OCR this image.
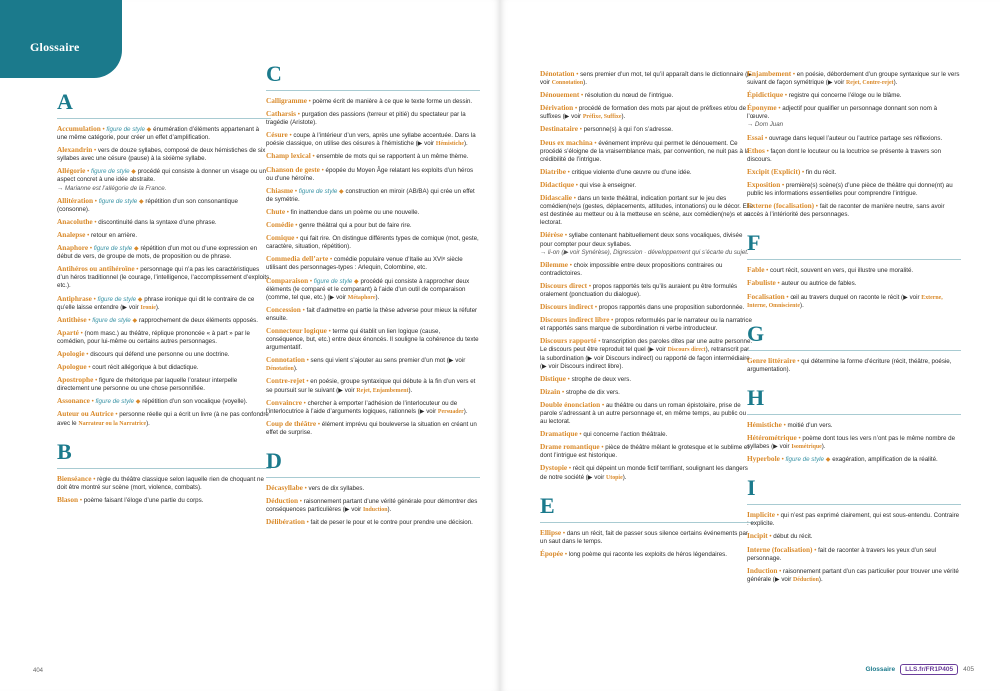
Glossaire
A
Accumulation • figure de style ◆ énumération d’éléments appartenant à une même catégorie, pour créer un effet d’amplification.
Alexandrin • vers de douze syllabes, composé de deux hémistiches de six syllabes avec une césure (pause) à la sixième syllabe.
Allégorie • figure de style ◆ procédé qui consiste à donner un visage ou un aspect concret à une idée abstraite.
→ Marianne est l’allégorie de la France.
Allitération • figure de style ◆ répétition d’un son consonantique (consonne).
Anacoluthe • discontinuité dans la syntaxe d’une phrase.
Analepse • retour en arrière.
Anaphore • figure de style ◆ répétition d’un mot ou d’une expression en début de vers, de groupe de mots, de proposition ou de phrase.
Antihéros ou antihéroïne • personnage qui n’a pas les caractéristiques d’un héros traditionnel (le courage, l’intelligence, l’accomplissement d’exploits, etc.).
Antiphrase • figure de style ◆ phrase ironique qui dit le contraire de ce qu’elle laisse entendre (▶ voir Ironie).
Antithèse • figure de style ◆ rapprochement de deux éléments opposés.
Aparté • (nom masc.) au théâtre, réplique prononcée « à part » par le comédien, pour lui-même ou certains autres personnages.
Apologie • discours qui défend une personne ou une doctrine.
Apologue • court récit allégorique à but didactique.
Apostrophe • figure de rhétorique par laquelle l’orateur interpelle directement une personne ou une chose personnifiée.
Assonance • figure de style ◆ répétition d’un son vocalique (voyelle).
Auteur ou Autrice • personne réelle qui a écrit un livre (à ne pas confondre avec le Narrateur ou la Narratrice).
B
Bienséance • règle du théâtre classique selon laquelle rien de choquant ne doit être montré sur scène (mort, violence, combats).
Blason • poème faisant l’éloge d’une partie du corps.
C
Calligramme • poème écrit de manière à ce que le texte forme un dessin.
Catharsis • purgation des passions (terreur et pitié) du spectateur par la tragédie (Aristote).
Césure • coupe à l’intérieur d’un vers, après une syllabe accentuée. Dans la poésie classique, on utilise des césures à l’hémistiche (▶ voir Hémistiche).
Champ lexical • ensemble de mots qui se rapportent à un même thème.
Chanson de geste • épopée du Moyen Âge relatant les exploits d’un héros ou d’une héroïne.
Chiasme • figure de style ◆ construction en miroir (AB/BA) qui crée un effet de symétrie.
Chute • fin inattendue dans un poème ou une nouvelle.
Comédie • genre théâtral qui a pour but de faire rire.
Comique • qui fait rire. On distingue différents types de comique (mot, geste, caractère, situation, répétition).
Commedia dell’arte • comédie populaire venue d’Italie au XVIᵉ siècle utilisant des personnages-types : Arlequin, Colombine, etc.
Comparaison • figure de style ◆ procédé qui consiste à rapprocher deux éléments (le comparé et le comparant) à l’aide d’un outil de comparaison (comme, tel que, etc.) (▶ voir Métaphore).
Concession • fait d’admettre en partie la thèse adverse pour mieux la réfuter ensuite.
Connecteur logique • terme qui établit un lien logique (cause, conséquence, but, etc.) entre deux énoncés. Il souligne la cohérence du texte argumentatif.
Connotation • sens qui vient s’ajouter au sens premier d’un mot (▶ voir Dénotation).
Contre-rejet • en poésie, groupe syntaxique qui débute à la fin d’un vers et se poursuit sur le suivant (▶ voir Rejet, Enjambement).
Convaincre • chercher à emporter l’adhésion de l’interlocuteur ou de l’interlocutrice à l’aide d’arguments logiques, rationnels (▶ voir Persuader).
Coup de théâtre • élément imprévu qui bouleverse la situation en créant un effet de surprise.
D
Décasyllabe • vers de dix syllabes.
Déduction • raisonnement partant d’une vérité générale pour démontrer des conséquences particulières (▶ voir Induction).
Délibération • fait de peser le pour et le contre pour prendre une décision.
404	Glossaire	LLS.fr/FR1P405	405
Dénotation • sens premier d’un mot, tel qu’il apparaît dans le dictionnaire (▶ voir Connotation).
Dénouement • résolution du nœud de l’intrigue.
Dérivation • procédé de formation des mots par ajout de préfixes et/ou de suffixes (▶ voir Préfixe, Suffixe).
Destinataire • personne(s) à qui l’on s’adresse.
Deus ex machina • événement imprévu qui permet le dénouement. Ce procédé s’éloigne de la vraisemblance mais, par convention, ne nuit pas à la crédibilité de l’intrigue.
Diatribe • critique violente d’une œuvre ou d’une idée.
Didactique • qui vise à enseigner.
Didascalie • dans un texte théâtral, indication portant sur le jeu des comédien(ne)s (gestes, déplacements, attitudes, intonations) ou le décor. Elle est destinée au metteur ou à la metteuse en scène, aux comédien(ne)s et au lectorat.
Diérèse • syllabe contenant habituellement deux sons vocaliques, divisée pour compter pour deux syllabes.
→ li-on (▶ voir Synérèse), Digression · développement qui s’écarte du sujet.
Dilemme • choix impossible entre deux propositions contraires ou contradictoires.
Discours direct • propos rapportés tels qu’ils auraient pu être formulés oralement (ponctuation du dialogue).
Discours indirect • propos rapportés dans une proposition subordonnée.
Discours indirect libre • propos reformulés par le narrateur ou la narratrice et rapportés sans marque de subordination ni verbe introducteur.
Discours rapporté • transcription des paroles dites par une autre personne. Le discours peut être reproduit tel quel (▶ voir Discours direct), retranscrit par la subordination (▶ voir Discours indirect) ou rapporté de façon intermédiaire (▶ voir Discours indirect libre).
Distique • strophe de deux vers.
Dizain • strophe de dix vers.
Double énonciation • au théâtre ou dans un roman épistolaire, prise de parole s’adressant à un autre personnage et, en même temps, au public ou au lectorat.
Dramatique • qui concerne l’action théâtrale.
Drame romantique • pièce de théâtre mêlant le grotesque et le sublime et dont l’intrigue est historique.
Dystopie • récit qui dépeint un monde fictif terrifiant, soulignant les dangers de notre société (▶ voir Utopie).
E
Ellipse • dans un récit, fait de passer sous silence certains événements par un saut dans le temps.
Épopée • long poème qui raconte les exploits de héros légendaires.
Enjambement • en poésie, débordement d’un groupe syntaxique sur le vers suivant de façon symétrique (▶ voir Rejet, Contre-rejet).
Épidictique • registre qui concerne l’éloge ou le blâme.
Éponyme • adjectif pour qualifier un personnage donnant son nom à l’œuvre.
→ Dom Juan
Essai • ouvrage dans lequel l’auteur ou l’autrice partage ses réflexions.
Ethos • façon dont le locuteur ou la locutrice se présente à travers son discours.
Excipit (Explicit) • fin du récit.
Exposition • première(s) scène(s) d’une pièce de théâtre qui donne(nt) au public les informations essentielles pour comprendre l’intrigue.
Externe (focalisation) • fait de raconter de manière neutre, sans avoir accès à l’intériorité des personnages.
F
Fable • court récit, souvent en vers, qui illustre une moralité.
Fabuliste • auteur ou autrice de fables.
Focalisation • œil au travers duquel on raconte le récit (▶ voir Externe, Interne, Omnisciente).
G
Genre littéraire • qui détermine la forme d’écriture (récit, théâtre, poésie, argumentation).
H
Hémistiche • moitié d’un vers.
Hétérométrique • poème dont tous les vers n’ont pas le même nombre de syllabes (▶ voir Isométrique).
Hyperbole • figure de style ◆ exagération, amplification de la réalité.
I
Implicite • qui n’est pas exprimé clairement, qui est sous-entendu. Contraire : explicite.
Incipit • début du récit.
Interne (focalisation) • fait de raconter à travers les yeux d’un seul personnage.
Induction • raisonnement partant d’un cas particulier pour trouver une vérité générale (▶ voir Déduction).
